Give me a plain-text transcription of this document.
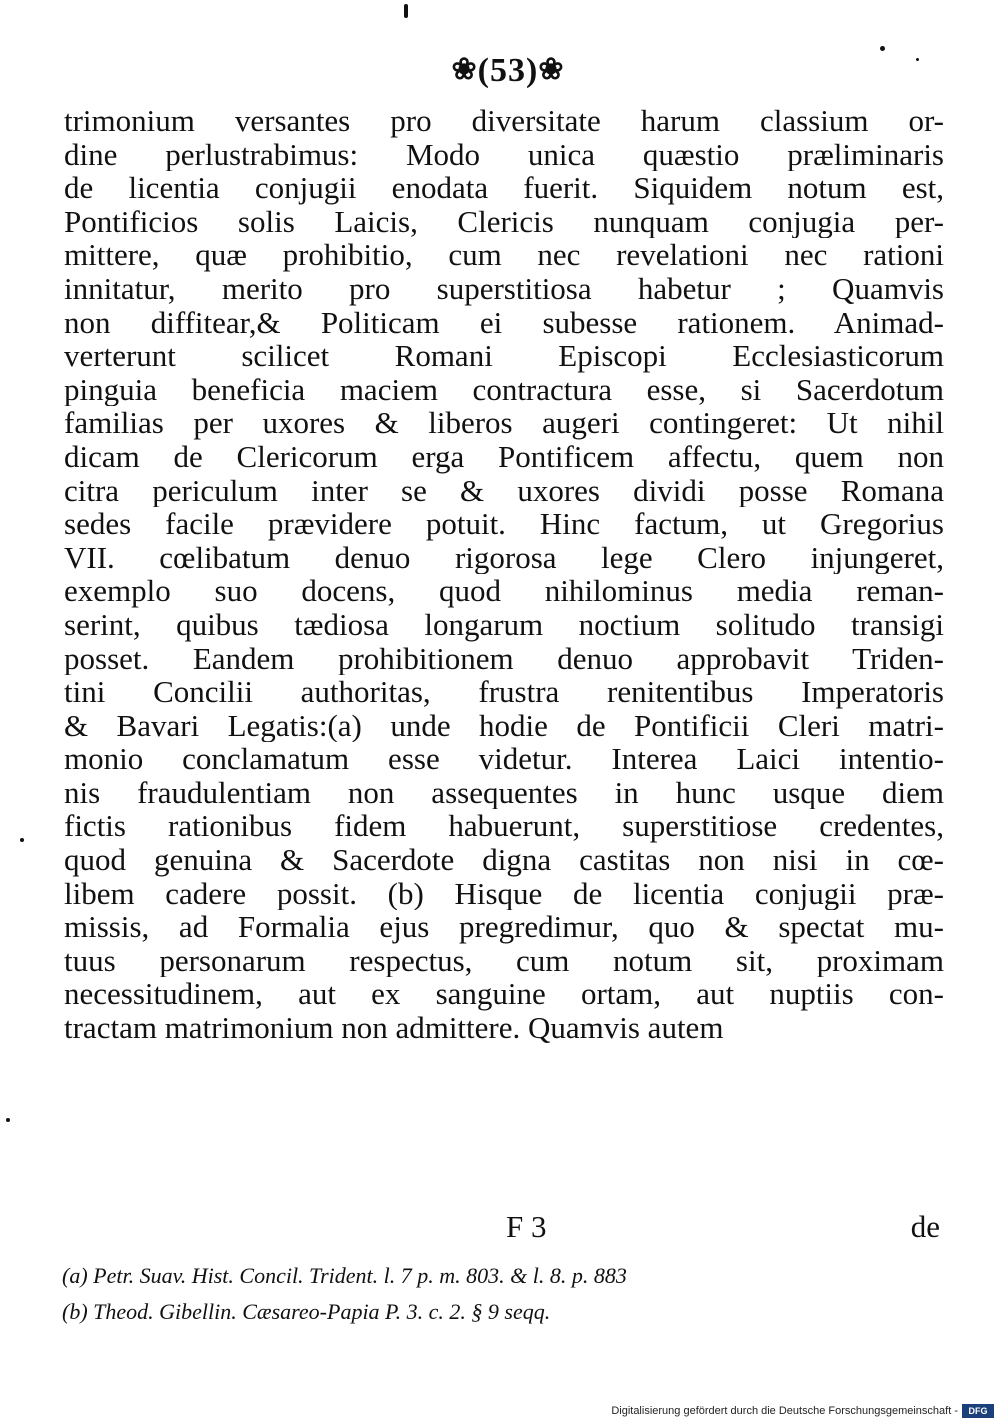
❀(53)❀
trimonium versantes pro diversitate harum classium or-
dine perlustrabimus: Modo unica quæstio præliminaris
de licentia conjugii enodata fuerit. Siquidem notum est,
Pontificios solis Laicis, Clericis nunquam conjugia per-
mittere, quæ prohibitio, cum nec revelationi nec rationi
innitatur, merito pro superstitiosa habetur ; Quamvis
non diffitear,& Politicam ei subesse rationem. Animad-
verterunt scilicet Romani Episcopi Ecclesiasticorum
pinguia beneficia maciem contractura esse, si Sacerdotum
familias per uxores & liberos augeri contingeret: Ut nihil
dicam de Clericorum erga Pontificem affectu, quem non
citra periculum inter se & uxores dividi posse Romana
sedes facile prævidere potuit. Hinc factum, ut Gregorius
VII. cœlibatum denuo rigorosa lege Clero injungeret,
exemplo suo docens, quod nihilominus media reman-
serint, quibus tædiosa longarum noctium solitudo transigi
posset. Eandem prohibitionem denuo approbavit Triden-
tini Concilii authoritas, frustra renitentibus Imperatoris
& Bavari Legatis:(a) unde hodie de Pontificii Cleri matri-
monio conclamatum esse videtur. Interea Laici intentio-
nis fraudulentiam non assequentes in hunc usque diem
fictis rationibus fidem habuerunt, superstitiose credentes,
quod genuina & Sacerdote digna castitas non nisi in cœ-
libem cadere possit. (b) Hisque de licentia conjugii præ-
missis, ad Formalia ejus pregredimur, quo & spectat mu-
tuus personarum respectus, cum notum sit, proximam
necessitudinem, aut ex sanguine ortam, aut nuptiis con-
tractam matrimonium non admittere. Quamvis autem
F 3	de
(a) Petr. Suav. Hist. Concil. Trident. l. 7 p. m. 803. & l. 8. p. 883
(b) Theod. Gibellin. Cæsareo-Papia P. 3. c. 2. § 9 seqq.
Digitalisierung gefördert durch die Deutsche Forschungsgemeinschaft -	DFG
